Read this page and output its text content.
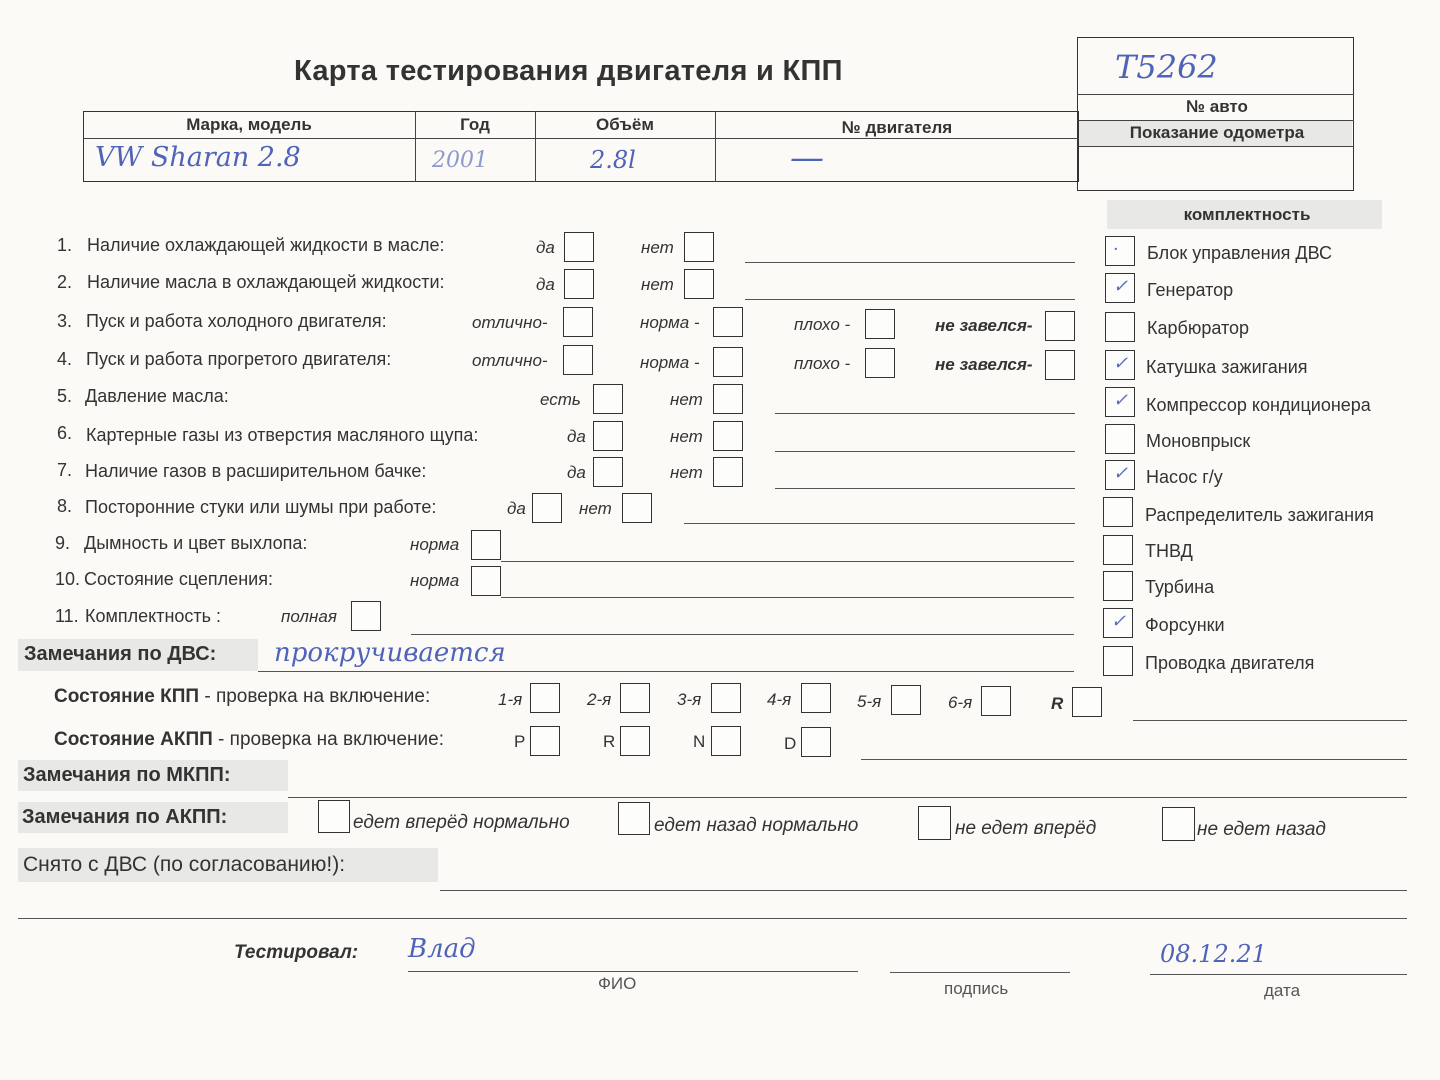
Карта тестирования двигателя и КПП	T5262
№ авто
Показание одометра
Марка, модель	Год	Объём	№ двигателя
VW Sharan 2.8	2001	2.8l	—
комплектность
· Блок управления ДВС
✓ Генератор
Карбюратор
✓ Катушка зажигания
✓ Компрессор кондиционера
Моновпрыск
✓ Насос г/у
Распределитель зажигания
ТНВД
Турбина
✓ Форсунки
Проводка двигателя
1. Наличие охлаждающей жидкости в масле:	да	нет
2. Наличие масла в охлаждающей жидкости:	да	нет
3. Пуск и работа холодного двигателя:	отлично-	норма -	плохо -	не завелся-
4. Пуск и работа прогретого двигателя:	отлично-	норма -	плохо -	не завелся-
5. Давление масла:	есть	нет
6. Картерные газы из отверстия масляного щупа:	да	нет
7. Наличие газов в расширительном бачке:	да	нет
8. Посторонние стуки или шумы при работе:	да	нет
9. Дымность и цвет выхлопа:	норма
10. Состояние сцепления:	норма
11. Комплектность :	полная
Замечания по ДВС: прокручивается
Состояние КПП - проверка на включение:	1-я	2-я	3-я	4-я	5-я	6-я	R
Состояние АКПП - проверка на включение:	P	R	N	D
Замечания по МКПП:
Замечания по АКПП:	едет вперёд нормально	едет назад нормально	не едет вперёд	не едет назад
Снято с ДВС (по согласованию!):
Тестировал: Влад
ФИО	подпись
08.12.21
дата
